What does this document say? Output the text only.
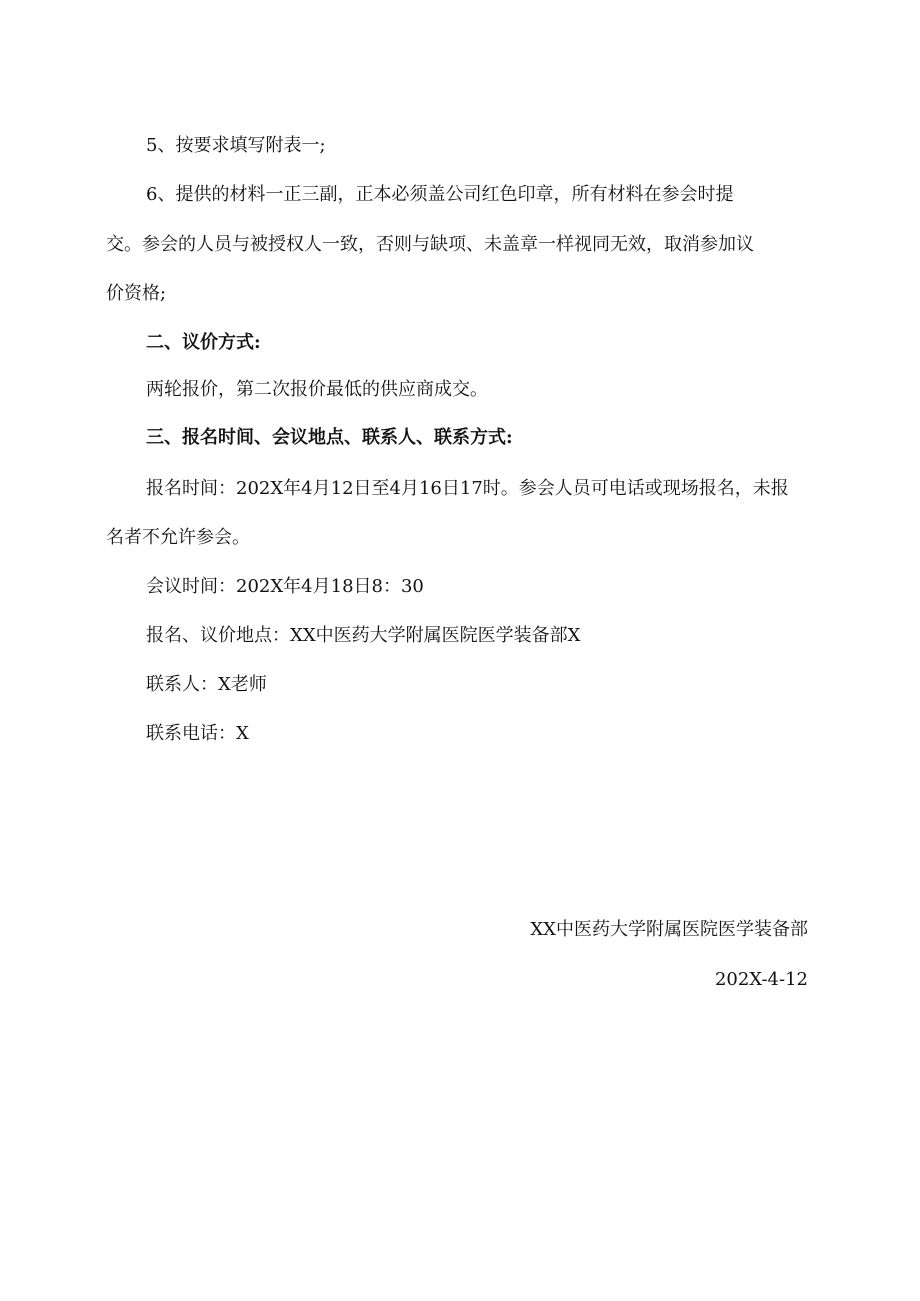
5、按要求填写附表一;
6、提供的材料一正三副，正本必须盖公司红色印章，所有材料在参会时提
交。参会的人员与被授权人一致，否则与缺项、未盖章一样视同无效，取消参加议
价资格;
二、议价方式:
两轮报价，第二次报价最低的供应商成交。
三、报名时间、会议地点、联系人、联系方式:
报名时间：202X年4月12日至4月16日17时。参会人员可电话或现场报名，未报
名者不允许参会。
会议时间：202X年4月18日8：30
报名、议价地点：XX中医药大学附属医院医学装备部X
联系人：X老师
联系电话：X
XX中医药大学附属医院医学装备部
202X-4-12
